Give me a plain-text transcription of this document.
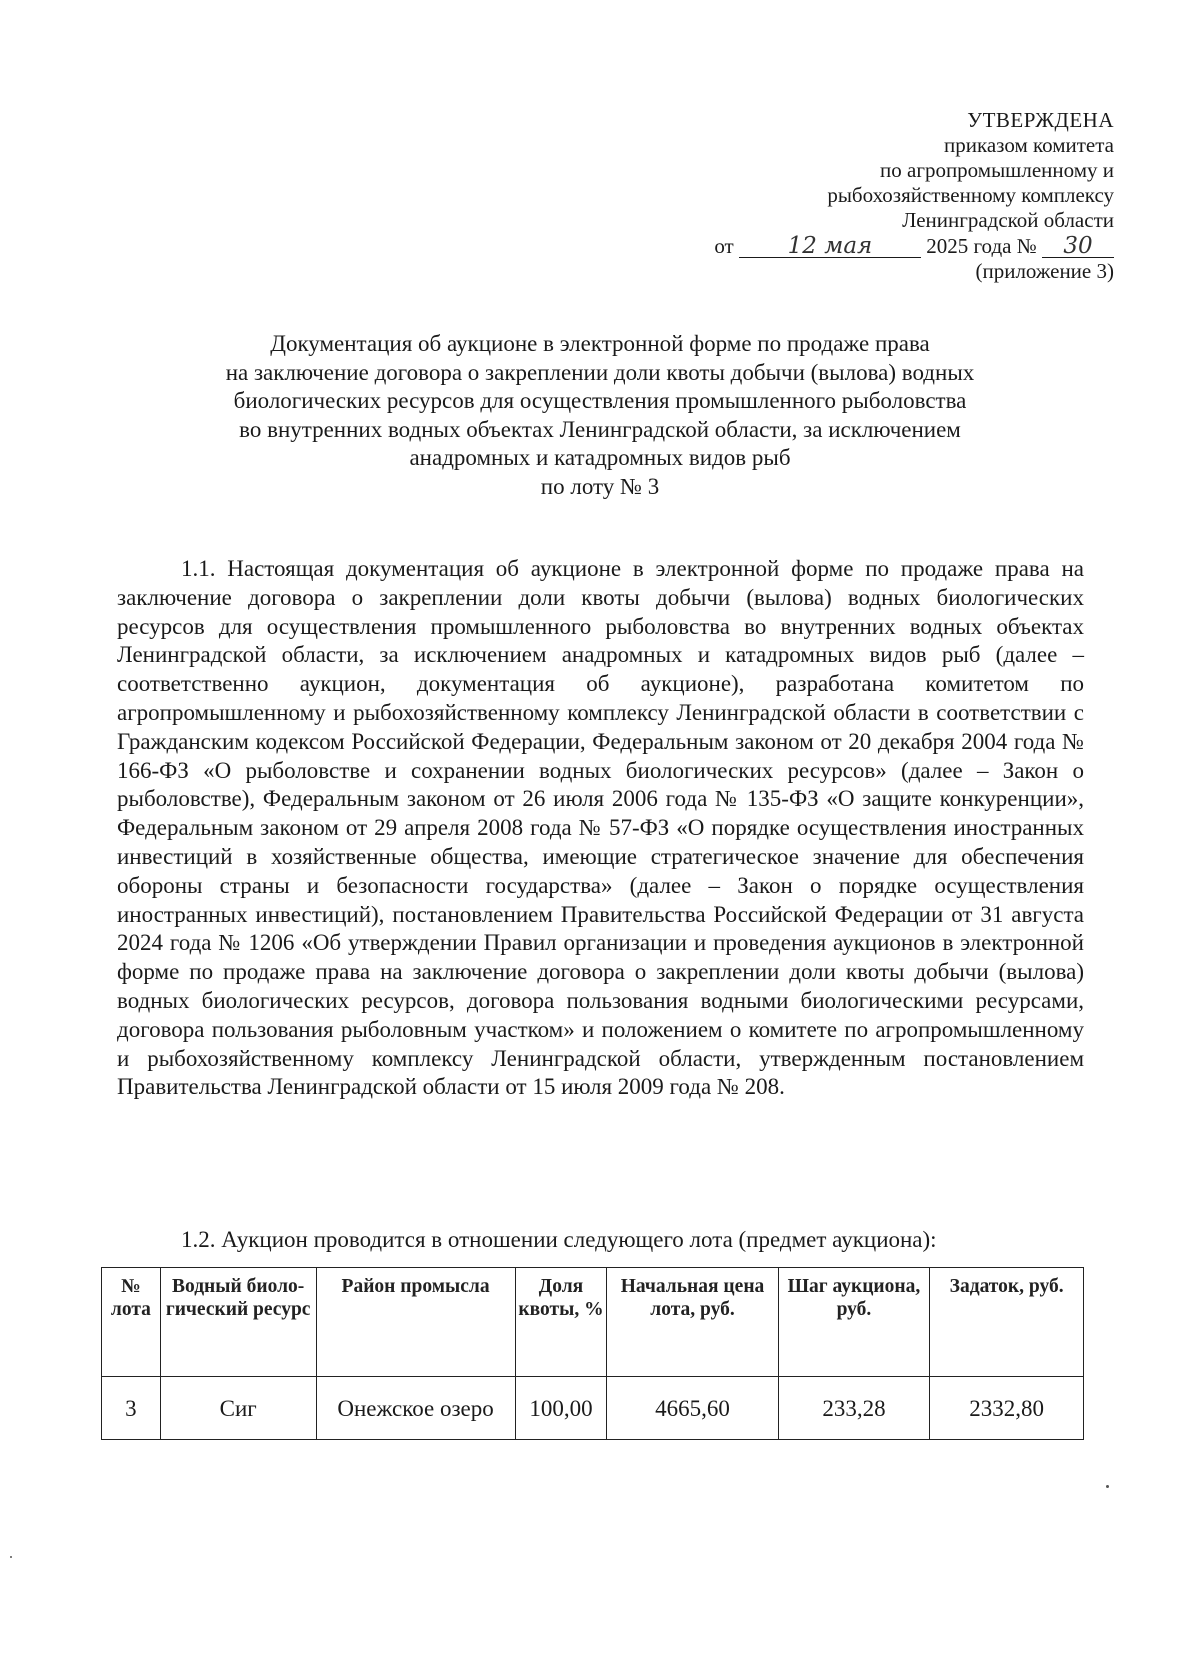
УТВЕРЖДЕНА
приказом комитета
по агропромышленному и
рыбохозяйственному комплексу
Ленинградской области
от 12 мая	2025 года № 30
(приложение 3)
Документация об аукционе в электронной форме по продаже права
на заключение договора о закреплении доли квоты добычи (вылова) водных
биологических ресурсов для осуществления промышленного рыболовства
во внутренних водных объектах Ленинградской области, за исключением
анадромных и катадромных видов рыб
по лоту № 3

1.1. Настоящая документация об аукционе в электронной форме по продаже права на заключение договора о закреплении доли квоты добычи (вылова) водных биологических ресурсов для осуществления промышленного рыболовства во внутренних водных объектах Ленинградской области, за исключением анадромных и катадромных видов рыб (далее – соответственно аукцион, документация об аукционе), разработана комитетом по агропромышленному и рыбохозяйственному комплексу Ленинградской области в соответствии с Гражданским кодексом Российской Федерации, Федеральным законом от 20 декабря 2004 года № 166-ФЗ «О рыболовстве и сохранении водных биологических ресурсов» (далее – Закон о рыболовстве), Федеральным законом от 26 июля 2006 года № 135-ФЗ «О защите конкуренции», Федеральным законом от 29 апреля 2008 года № 57-ФЗ «О порядке осуществления иностранных инвестиций в хозяйственные общества, имеющие стратегическое значение для обеспечения обороны страны и безопасности государства» (далее – Закон о порядке осуществления иностранных инвестиций), постановлением Правительства Российской Федерации от 31 августа 2024 года № 1206 «Об утверждении Правил организации и проведения аукционов в электронной форме по продаже права на заключение договора о закреплении доли квоты добычи (вылова) водных биологических ресурсов, договора пользования водными биологическими ресурсами, договора пользования рыболовным участком» и положением о комитете по агропромышленному и рыбохозяйственному комплексу Ленинградской области, утвержденным постановлением Правительства Ленинградской области от 15 июля 2009 года № 208.

1.2. Аукцион проводится в отношении следующего лота (предмет аукциона):

№ лота	Водный биоло-гический ресурс	Район промысла	Доля квоты, %	Начальная цена лота, руб.	Шаг аукциона, руб.	Задаток, руб.
3	Сиг	Онежское озеро	100,00	4665,60	233,28	2332,80
